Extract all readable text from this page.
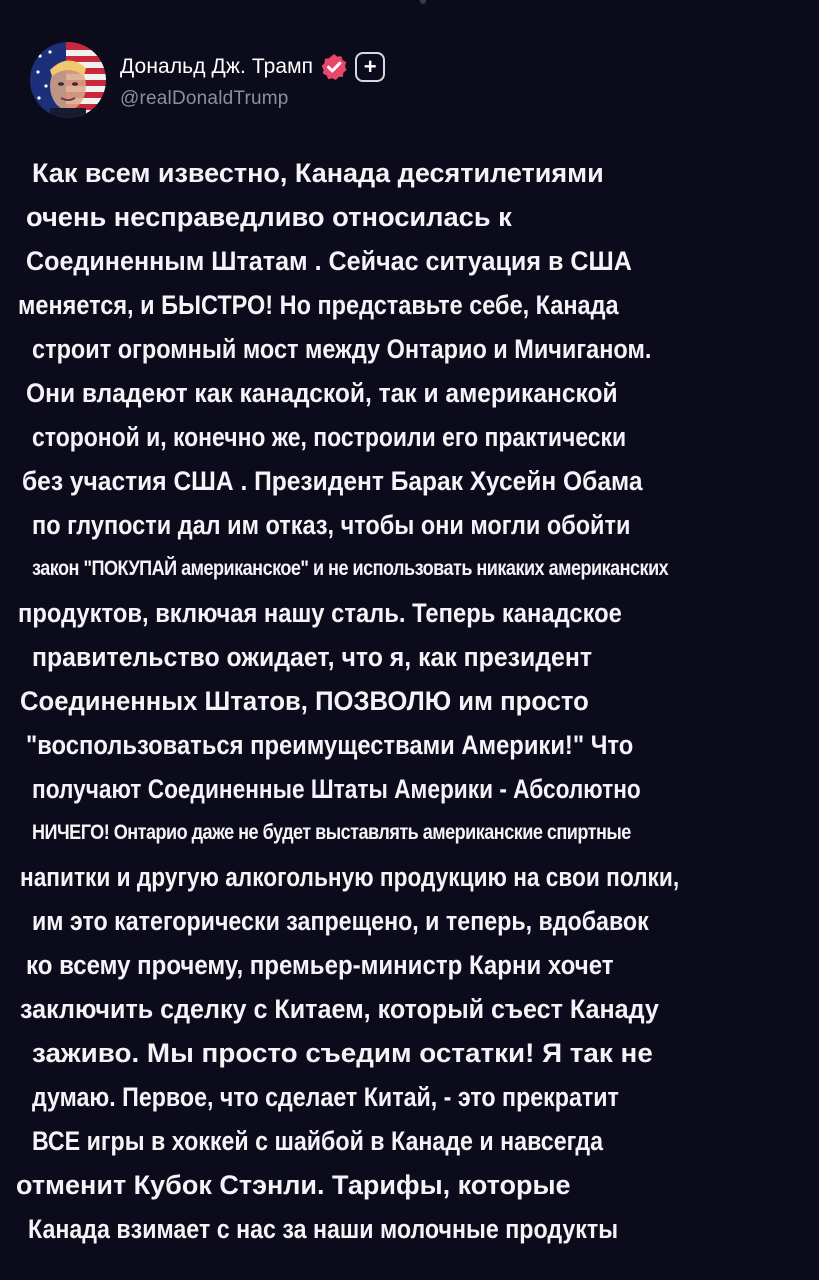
Дональд Дж. Трамп +
@realDonaldTrump
Как всем известно, Канада десятилетиями
очень несправедливо относилась к
Соединенным Штатам . Сейчас ситуация в США
меняется, и БЫСТРО! Но представьте себе, Канада
строит огромный мост между Онтарио и Мичиганом.
Они владеют как канадской, так и американской
стороной и, конечно же, построили его практически
без участия США . Президент Барак Хусейн Обама
по глупости дал им отказ, чтобы они могли обойти
закон "ПОКУПАЙ американское" и не использовать никаких американских
продуктов, включая нашу сталь. Теперь канадское
правительство ожидает, что я, как президент
Соединенных Штатов, ПОЗВОЛЮ им просто
"воспользоваться преимуществами Америки!" Что
получают Соединенные Штаты Америки - Абсолютно
НИЧЕГО! Онтарио даже не будет выставлять американские спиртные
напитки и другую алкогольную продукцию на свои полки,
им это категорически запрещено, и теперь, вдобавок
ко всему прочему, премьер-министр Карни хочет
заключить сделку с Китаем, который съест Канаду
заживо. Мы просто съедим остатки! Я так не
думаю. Первое, что сделает Китай, - это прекратит
ВСЕ игры в хоккей с шайбой в Канаде и навсегда
отменит Кубок Стэнли. Тарифы, которые
Канада взимает с нас за наши молочные продукты
